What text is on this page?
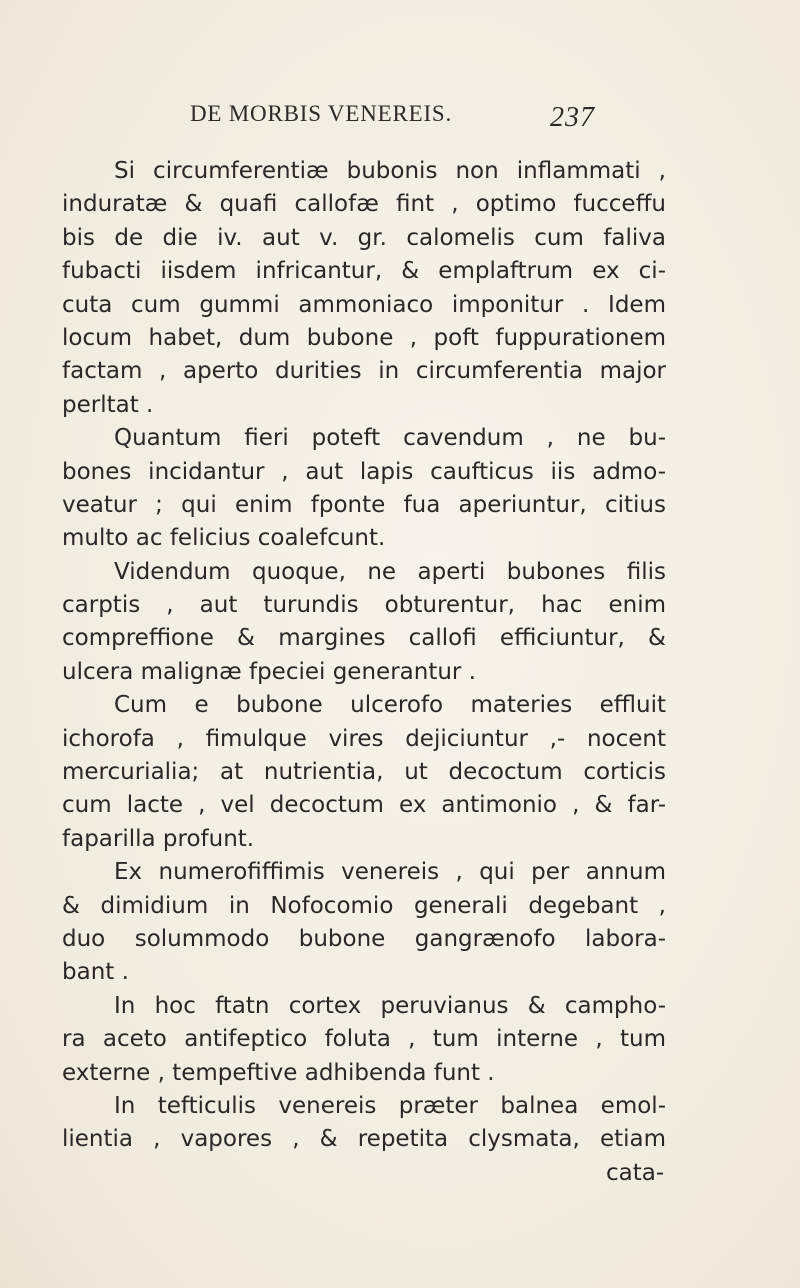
DE MORBIS VENEREIS.	237
Si circumferentiæ bubonis non inflammati ,
induratæ & quafi callofæ fint , optimo fucceffu
bis de die iv. aut v. gr. calomelis cum faliva
fubacti iisdem infricantur, & emplaftrum ex ci-
cuta cum gummi ammoniaco imponitur . Idem
locum habet, dum bubone , poft fuppurationem
factam , aperto durities in circumferentia major
perltat .
Quantum fieri poteft cavendum , ne bu-
bones incidantur , aut lapis caufticus iis admo-
veatur ; qui enim fponte fua aperiuntur, citius
multo ac felicius coalefcunt.
Videndum quoque, ne aperti bubones filis
carptis , aut turundis obturentur, hac enim
compreffione & margines callofi efficiuntur, &
ulcera malignæ fpeciei generantur .
Cum e bubone ulcerofo materies effluit
ichorofa , fimulque vires dejiciuntur ,- nocent
mercurialia; at nutrientia, ut decoctum corticis
cum lacte , vel decoctum ex antimonio , & far-
faparilla profunt.
Ex numerofiffimis venereis , qui per annum
& dimidium in Nofocomio generali degebant ,
duo solummodo bubone gangrænofo labora-
bant .
In hoc ftatn cortex peruvianus & campho-
ra aceto antifeptico foluta , tum interne , tum
externe , tempeftive adhibenda funt .
In tefticulis venereis præter balnea emol-
lientia , vapores , & repetita clysmata, etiam
cata-
